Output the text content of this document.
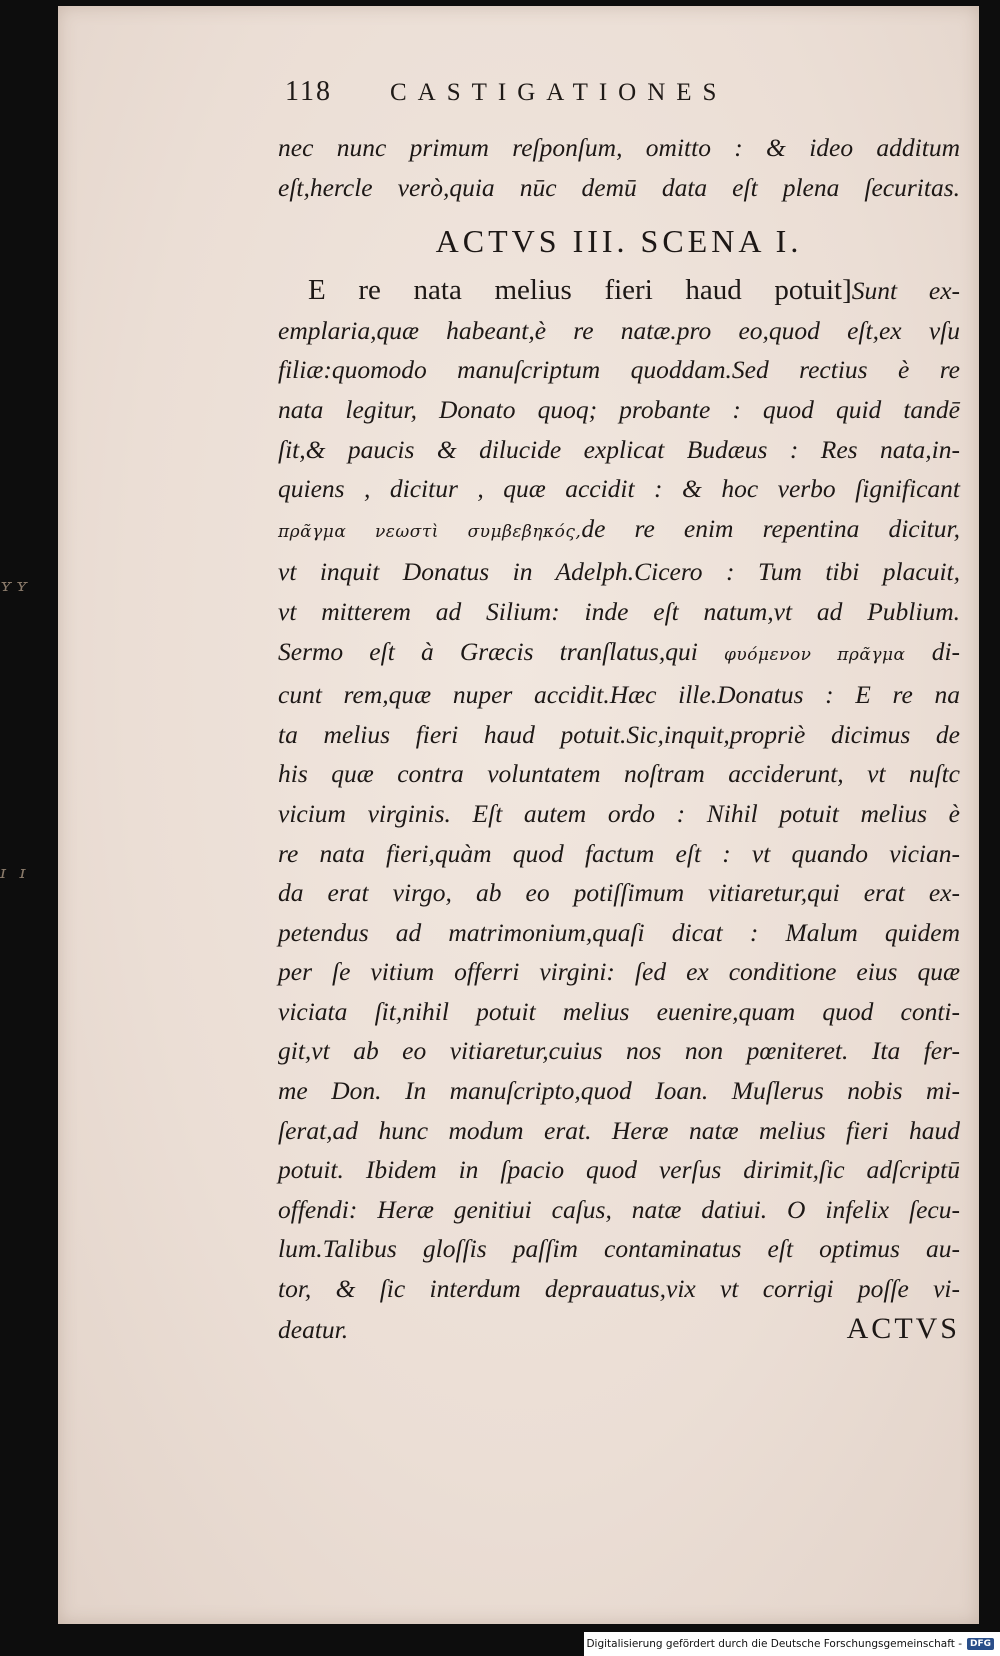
ʏʏ
ɪ ɪ
118	CASTIGATIONES

nec nunc primum reſponſum, omitto : & ideo additum

eſt,hercle verò,quia nūc demū data eſt plena ſecuritas.

ACTVS III. SCENA I.

E re nata melius fieri haud potuit]Sunt ex-

emplaria,quæ habeant,è re natæ.pro eo,quod eſt,ex vſu

filiæ:quomodo manuſcriptum quoddam.Sed rectius è re

nata legitur, Donato quoq; probante : quod quid tandē

ſit,& paucis & dilucide explicat Budæus : Res nata,in-

quiens , dicitur , quæ accidit : & hoc verbo ſignificant

πρᾶγμα νεωστὶ συμβεβηκός,de re enim repentina dicitur,

vt inquit Donatus in Adelph.Cicero : Tum tibi placuit,

vt mitterem ad Silium: inde eſt natum,vt ad Publium.

Sermo eſt à Græcis tranſlatus,qui φυόμενον πρᾶγμα di-

cunt rem,quæ nuper accidit.Hæc ille.Donatus : E re na

ta melius fieri haud potuit.Sic,inquit,propriè dicimus de

his quæ contra voluntatem noſtram acciderunt, vt nuſtc

vicium virginis. Eſt autem ordo : Nihil potuit melius è

re nata fieri,quàm quod factum eſt : vt quando vician-

da erat virgo, ab eo potiſſimum vitiaretur,qui erat ex-

petendus ad matrimonium,quaſi dicat : Malum quidem

per ſe vitium offerri virgini: ſed ex conditione eius quæ

viciata ſit,nihil potuit melius euenire,quam quod conti-

git,vt ab eo vitiaretur,cuius nos non pœniteret. Ita fer-

me Don. In manuſcripto,quod Ioan. Muſlerus nobis mi-

ſerat,ad hunc modum erat. Heræ natæ melius fieri haud

potuit. Ibidem in ſpacio quod verſus dirimit,ſic adſcriptū

offendi: Heræ genitiui caſus, natæ datiui. O infelix ſecu-

lum.Talibus gloſſis paſſim contaminatus eſt optimus au-

tor, & ſic interdum deprauatus,vix vt corrigi poſſe vi-

deatur.	ACTVS
Digitalisierung gefördert durch die Deutsche Forschungsgemeinschaft - DFG
